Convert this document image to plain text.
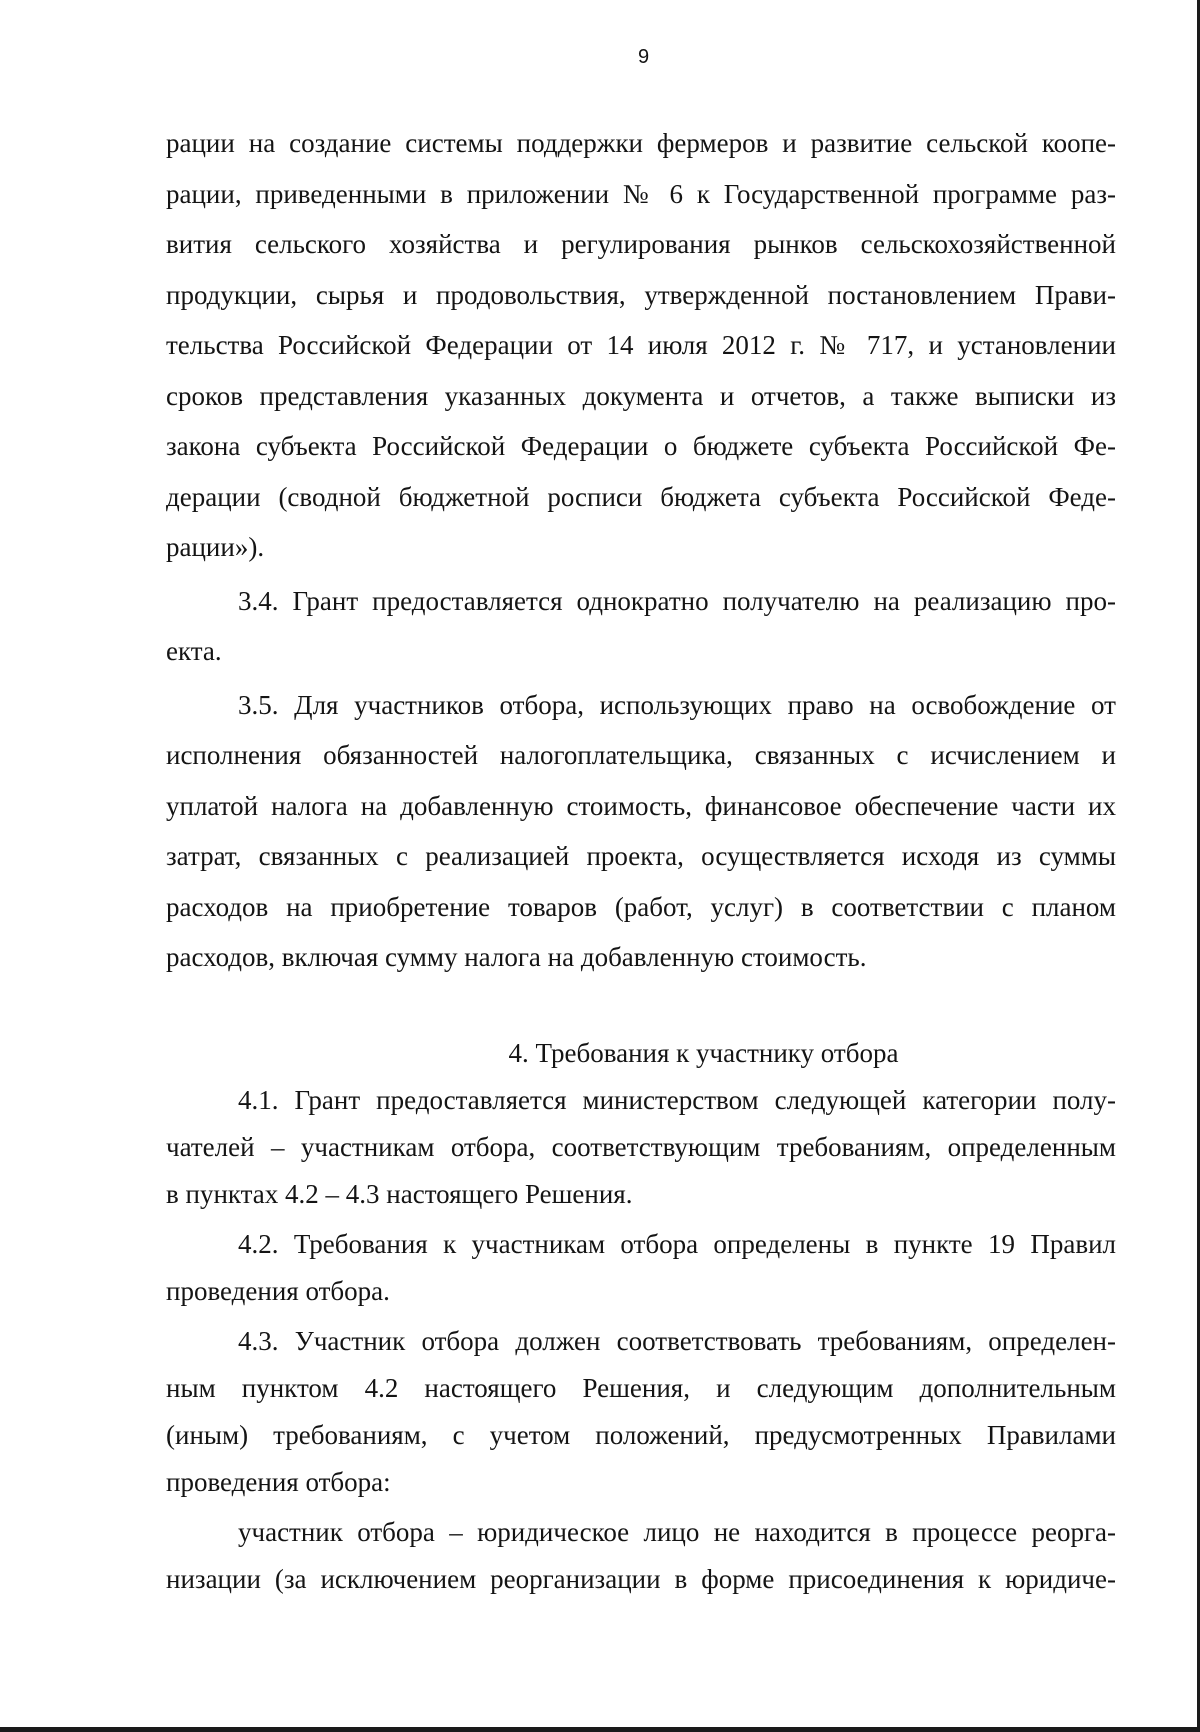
9

рации на создание системы поддержки фермеров и развитие сельской коопе-

рации, приведенными в приложении № 6 к Государственной программе раз-

вития сельского хозяйства и регулирования рынков сельскохозяйственной

продукции, сырья и продовольствия, утвержденной постановлением Прави-

тельства Российской Федерации от 14 июля 2012 г. № 717, и установлении

сроков представления указанных документа и отчетов, а также выписки из

закона субъекта Российской Федерации о бюджете субъекта Российской Фе-

дерации (сводной бюджетной росписи бюджета субъекта Российской Феде-

рации»).

3.4. Грант предоставляется однократно получателю на реализацию про-

екта.

3.5. Для участников отбора, использующих право на освобождение от

исполнения обязанностей налогоплательщика, связанных с исчислением и

уплатой налога на добавленную стоимость, финансовое обеспечение части их

затрат, связанных с реализацией проекта, осуществляется исходя из суммы

расходов на приобретение товаров (работ, услуг) в соответствии с планом

расходов, включая сумму налога на добавленную стоимость.

4. Требования к участнику отбора

4.1. Грант предоставляется министерством следующей категории полу-

чателей – участникам отбора, соответствующим требованиям, определенным

в пунктах 4.2 – 4.3 настоящего Решения.

4.2. Требования к участникам отбора определены в пункте 19 Правил

проведения отбора.

4.3. Участник отбора должен соответствовать требованиям, определен-

ным пунктом 4.2 настоящего Решения, и следующим дополнительным

(иным) требованиям, с учетом положений, предусмотренных Правилами

проведения отбора:

участник отбора – юридическое лицо не находится в процессе реорга-

низации (за исключением реорганизации в форме присоединения к юридиче-
